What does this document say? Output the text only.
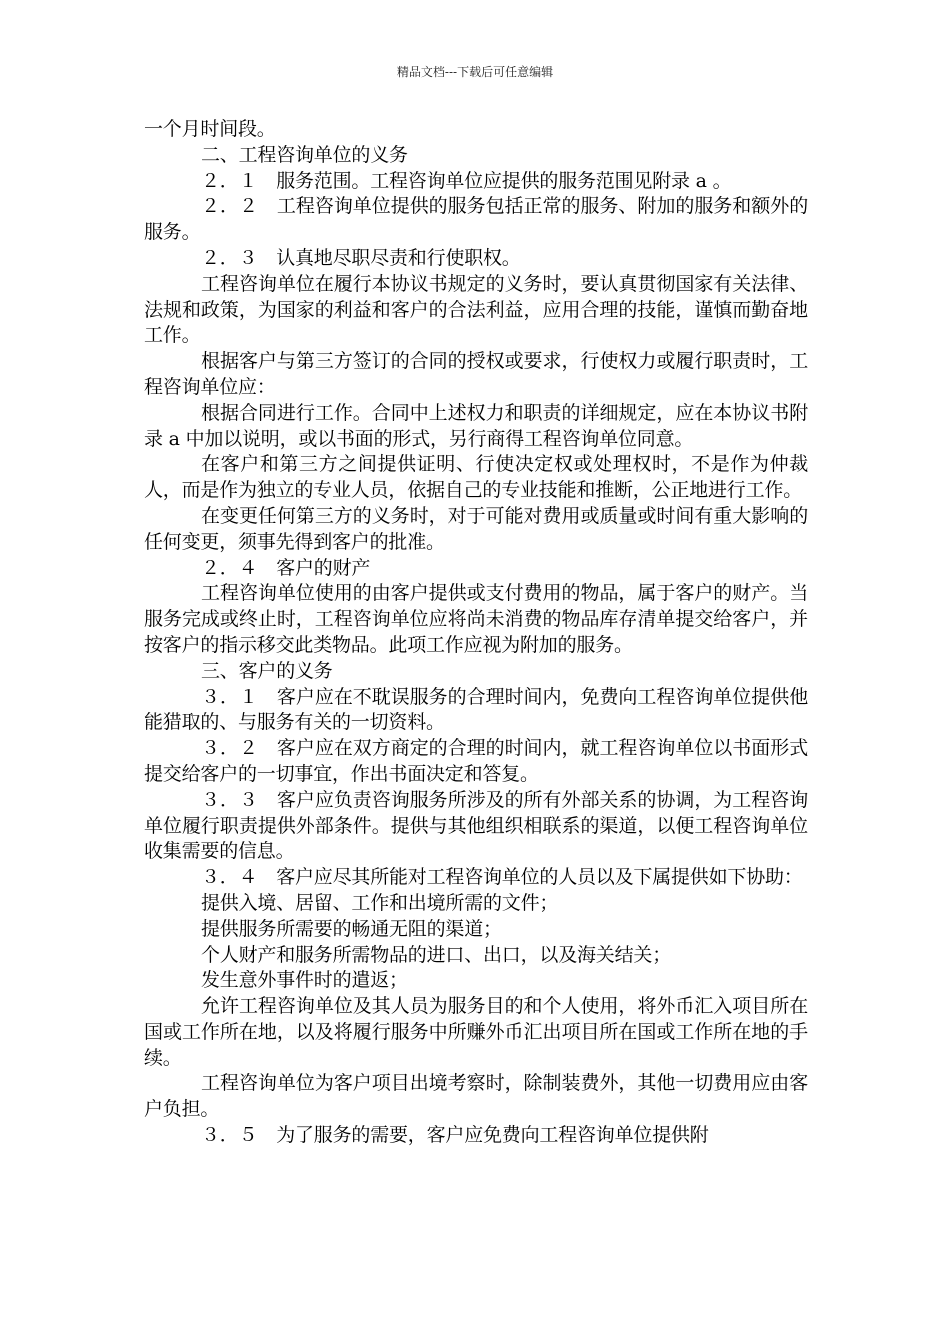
精品文档---下载后可任意编辑

一个月时间段。

二、工程咨询单位的义务

２．１　服务范围。工程咨询单位应提供的服务范围见附录 a 。

２．２　工程咨询单位提供的服务包括正常的服务、附加的服务和额外的服务。

２．３　认真地尽职尽责和行使职权。

工程咨询单位在履行本协议书规定的义务时，要认真贯彻国家有关法律、法规和政策，为国家的利益和客户的合法利益，应用合理的技能，谨慎而勤奋地工作。

根据客户与第三方签订的合同的授权或要求，行使权力或履行职责时，工程咨询单位应：

根据合同进行工作。合同中上述权力和职责的详细规定，应在本协议书附录 a 中加以说明，或以书面的形式，另行商得工程咨询单位同意。

在客户和第三方之间提供证明、行使决定权或处理权时，不是作为仲裁人，而是作为独立的专业人员，依据自己的专业技能和推断，公正地进行工作。

在变更任何第三方的义务时，对于可能对费用或质量或时间有重大影响的任何变更，须事先得到客户的批准。

２．４　客户的财产

工程咨询单位使用的由客户提供或支付费用的物品，属于客户的财产。当服务完成或终止时，工程咨询单位应将尚未消费的物品库存清单提交给客户，并按客户的指示移交此类物品。此项工作应视为附加的服务。

三、客户的义务

３．１　客户应在不耽误服务的合理时间内，免费向工程咨询单位提供他能猎取的、与服务有关的一切资料。

３．２　客户应在双方商定的合理的时间内，就工程咨询单位以书面形式提交给客户的一切事宜，作出书面决定和答复。

３．３　客户应负责咨询服务所涉及的所有外部关系的协调，为工程咨询单位履行职责提供外部条件。提供与其他组织相联系的渠道，以便工程咨询单位收集需要的信息。

３．４　客户应尽其所能对工程咨询单位的人员以及下属提供如下协助：

提供入境、居留、工作和出境所需的文件；

提供服务所需要的畅通无阻的渠道；

个人财产和服务所需物品的进口、出口，以及海关结关；

发生意外事件时的遣返；

允许工程咨询单位及其人员为服务目的和个人使用，将外币汇入项目所在国或工作所在地，以及将履行服务中所赚外币汇出项目所在国或工作所在地的手续。

工程咨询单位为客户项目出境考察时，除制装费外，其他一切费用应由客户负担。

３．５　为了服务的需要，客户应免费向工程咨询单位提供附
